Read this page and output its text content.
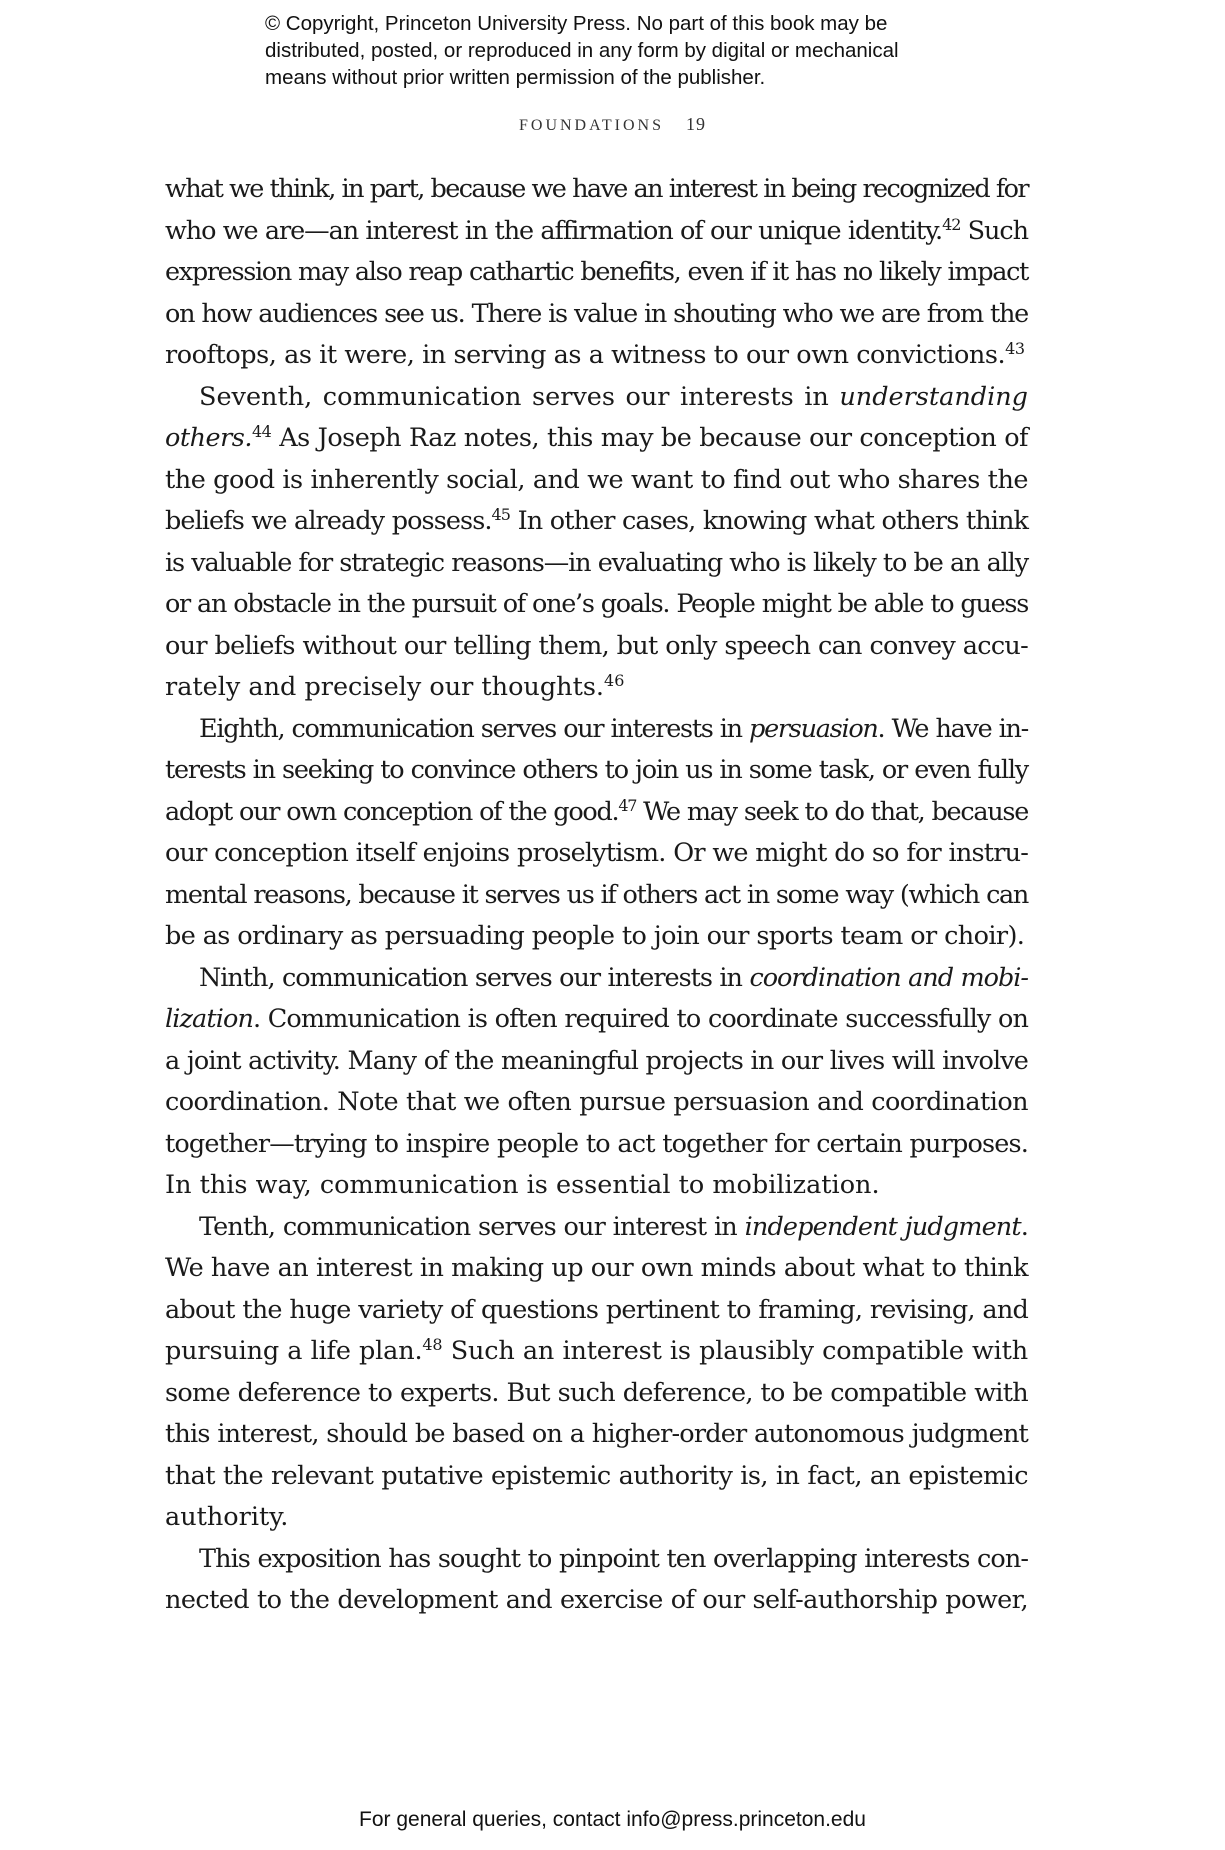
© Copyright, Princeton University Press. No part of this book may be
distributed, posted, or reproduced in any form by digital or mechanical
means without prior written permission of the publisher.
FOUNDATIONS 19
what we think, in part, because we have an interest in being recognized for
who we are—an interest in the affirmation of our unique identity.$^{42}$ Such
expression may also reap cathartic benefits, even if it has no likely impact
on how audiences see us. There is value in shouting who we are from the
rooftops, as it were, in serving as a witness to our own convictions.$^{43}$
Seventh, communication serves our interests in understanding
others.$^{44}$ As Joseph Raz notes, this may be because our conception of
the good is inherently social, and we want to find out who shares the
beliefs we already possess.$^{45}$ In other cases, knowing what others think
is valuable for strategic reasons—in evaluating who is likely to be an ally
or an obstacle in the pursuit of one’s goals. People might be able to guess
our beliefs without our telling them, but only speech can convey accu-
rately and precisely our thoughts.$^{46}$
Eighth, communication serves our interests in persuasion. We have in-
terests in seeking to convince others to join us in some task, or even fully
adopt our own conception of the good.$^{47}$ We may seek to do that, because
our conception itself enjoins proselytism. Or we might do so for instru-
mental reasons, because it serves us if others act in some way (which can
be as ordinary as persuading people to join our sports team or choir).
Ninth, communication serves our interests in coordination and mobi-
lization. Communication is often required to coordinate successfully on
a joint activity. Many of the meaningful projects in our lives will involve
coordination. Note that we often pursue persuasion and coordination
together—trying to inspire people to act together for certain purposes.
In this way, communication is essential to mobilization.
Tenth, communication serves our interest in independent judgment.
We have an interest in making up our own minds about what to think
about the huge variety of questions pertinent to framing, revising, and
pursuing a life plan.$^{48}$ Such an interest is plausibly compatible with
some deference to experts. But such deference, to be compatible with
this interest, should be based on a higher-order autonomous judgment
that the relevant putative epistemic authority is, in fact, an epistemic
authority.
This exposition has sought to pinpoint ten overlapping interests con-
nected to the development and exercise of our self-authorship power,
For general queries, contact info@press.princeton.edu
